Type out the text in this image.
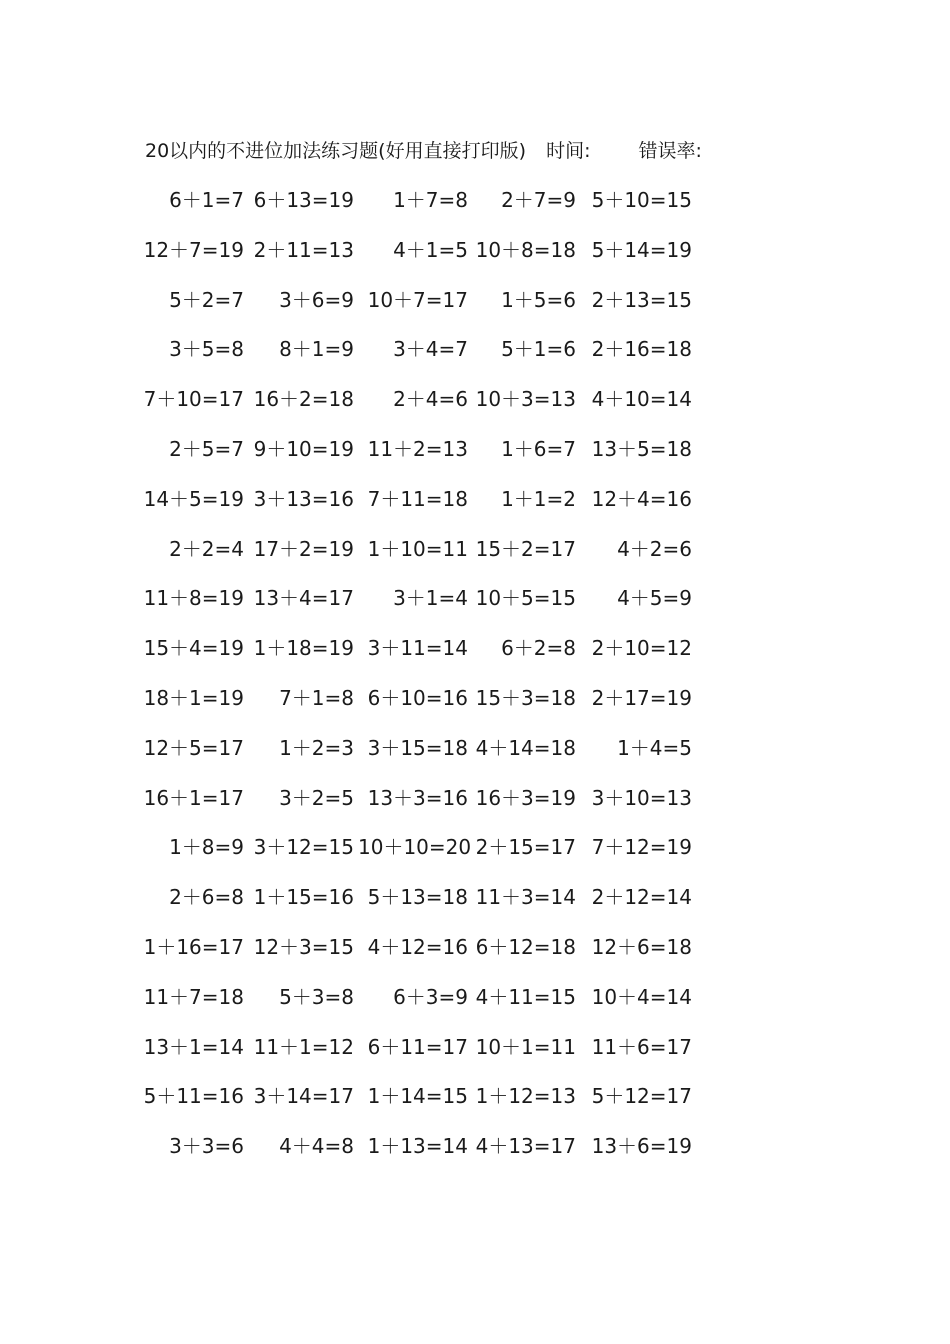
20以内的不进位加法练习题(好用直接打印版) 时间:	错误率:
6＋1=7 6＋13=19	1＋7=8	2＋7=9 5＋10=15
12＋7=19 2＋11=13	4＋1=5 10＋8=18 5＋14=19
5＋2=7	3＋6=9 10＋7=17	1＋5=6 2＋13=15
3＋5=8	8＋1=9	3＋4=7	5＋1=6 2＋16=18
7＋10=17 16＋2=18	2＋4=6 10＋3=13 4＋10=14
2＋5=7 9＋10=19 11＋2=13	1＋6=7 13＋5=18
14＋5=19 3＋13=16 7＋11=18	1＋1=2 12＋4=16
2＋2=4 17＋2=19 1＋10=11 15＋2=17	4＋2=6
11＋8=19 13＋4=17	3＋1=4 10＋5=15	4＋5=9
15＋4=19 1＋18=19 3＋11=14	6＋2=8 2＋10=12
18＋1=19	7＋1=8 6＋10=16 15＋3=18 2＋17=19
12＋5=17	1＋2=3 3＋15=18 4＋14=18	1＋4=5
16＋1=17	3＋2=5 13＋3=16 16＋3=19 3＋10=13
1＋8=9 3＋12=15 10＋10=20 2＋15=17 7＋12=19
2＋6=8 1＋15=16 5＋13=18 11＋3=14 2＋12=14
1＋16=17 12＋3=15 4＋12=16 6＋12=18 12＋6=18
11＋7=18	5＋3=8	6＋3=9 4＋11=15 10＋4=14
13＋1=14 11＋1=12 6＋11=17 10＋1=11 11＋6=17
5＋11=16 3＋14=17 1＋14=15 1＋12=13 5＋12=17
3＋3=6	4＋4=8 1＋13=14 4＋13=17 13＋6=19
